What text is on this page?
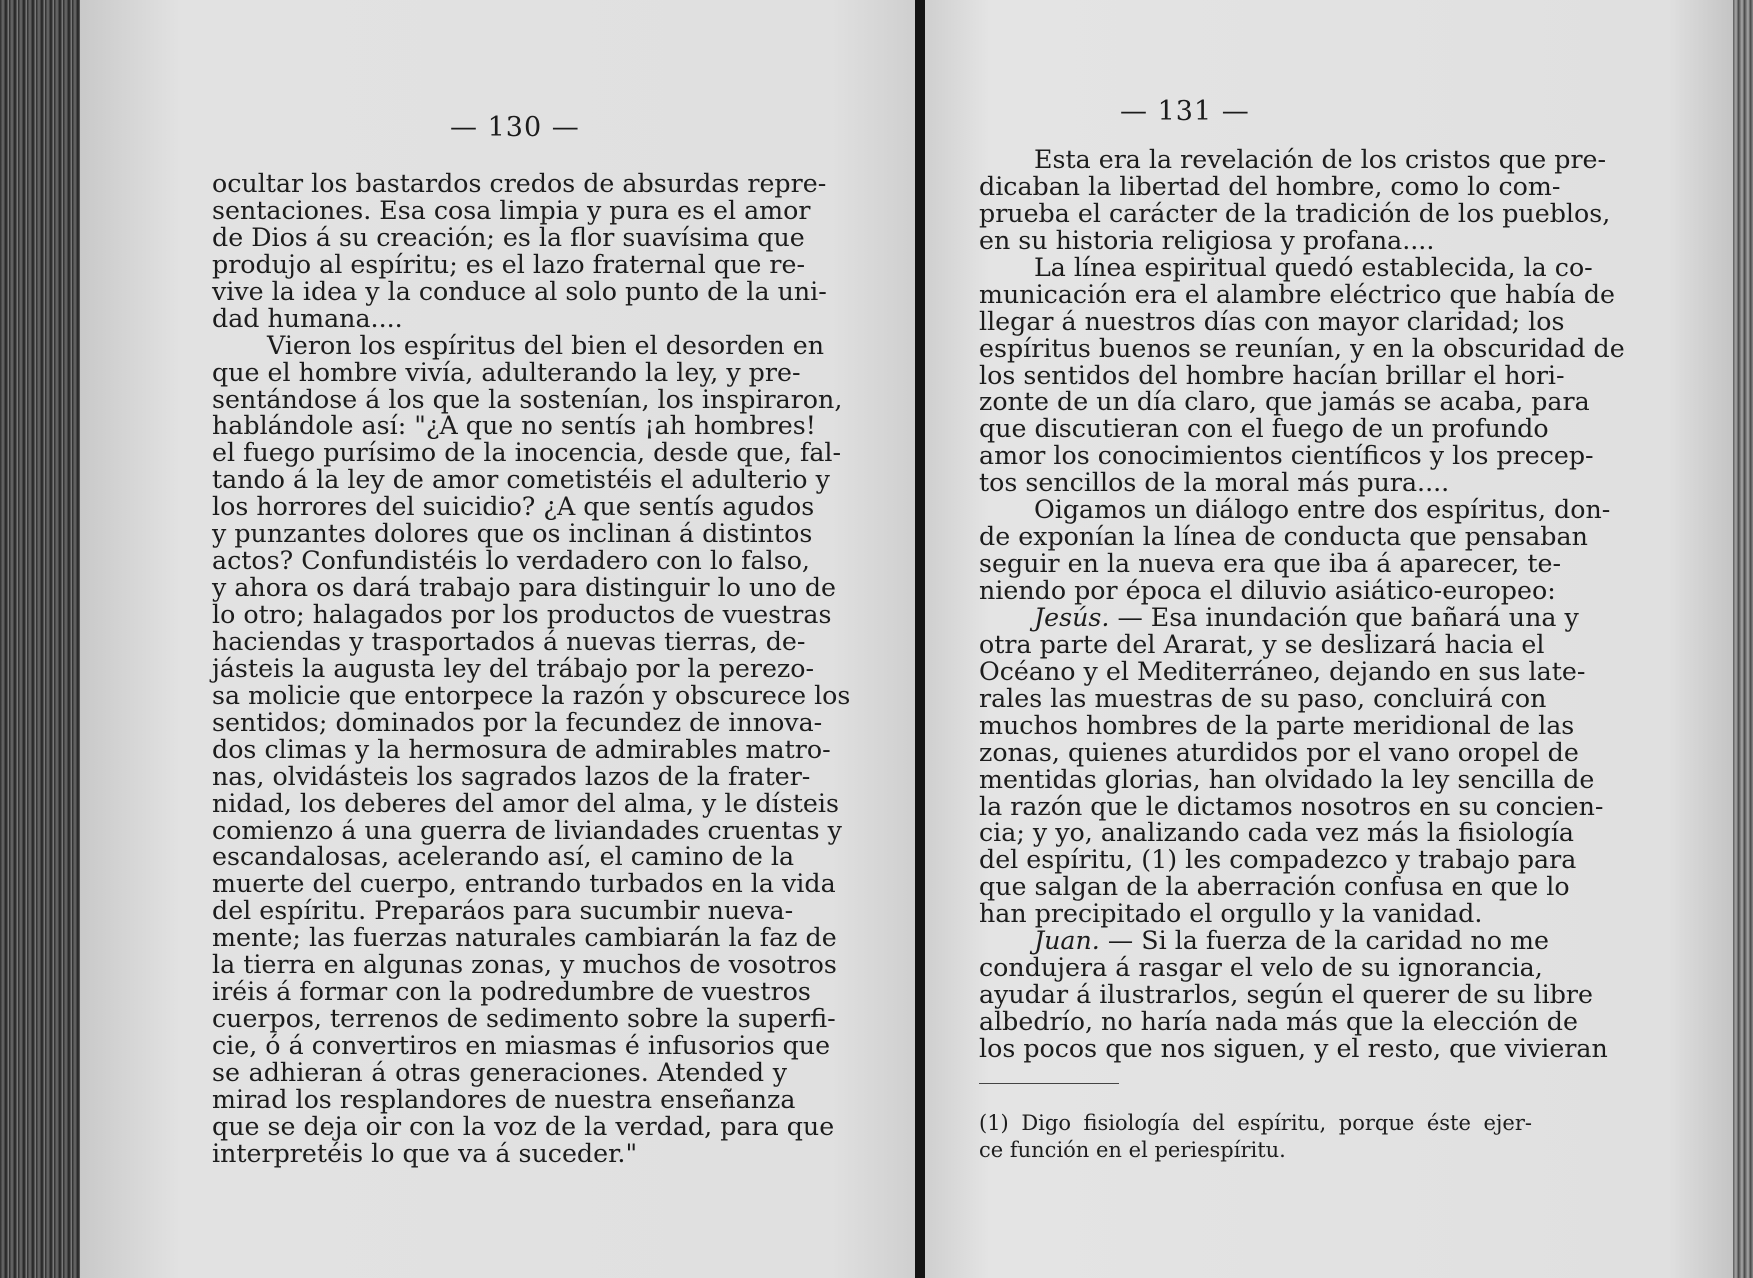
— 130 —
ocultar los bastardos credos de absurdas repre-
sentaciones. Esa cosa limpia y pura es el amor
de Dios á su creación; es la flor suavísima que
produjo al espíritu; es el lazo fraternal que re-
vive la idea y la conduce al solo punto de la uni-
dad humana....
Vieron los espíritus del bien el desorden en
que el hombre vivía, adulterando la ley, y pre-
sentándose á los que la sostenían, los inspiraron,
hablándole así: "¿A que no sentís ¡ah hombres!
el fuego purísimo de la inocencia, desde que, fal-
tando á la ley de amor cometistéis el adulterio y
los horrores del suicidio? ¿A que sentís agudos
y punzantes dolores que os inclinan á distintos
actos? Confundistéis lo verdadero con lo falso,
y ahora os dará trabajo para distinguir lo uno de
lo otro; halagados por los productos de vuestras
haciendas y trasportados á nuevas tierras, de-
jásteis la augusta ley del trábajo por la perezo-
sa molicie que entorpece la razón y obscurece los
sentidos; dominados por la fecundez de innova-
dos climas y la hermosura de admirables matro-
nas, olvidásteis los sagrados lazos de la frater-
nidad, los deberes del amor del alma, y le dísteis
comienzo á una guerra de liviandades cruentas y
escandalosas, acelerando así, el camino de la
muerte del cuerpo, entrando turbados en la vida
del espíritu. Preparáos para sucumbir nueva-
mente; las fuerzas naturales cambiarán la faz de
la tierra en algunas zonas, y muchos de vosotros
iréis á formar con la podredumbre de vuestros
cuerpos, terrenos de sedimento sobre la superfi-
cie, ó á convertiros en miasmas é infusorios que
se adhieran á otras generaciones. Atended y
mirad los resplandores de nuestra enseñanza
que se deja oir con la voz de la verdad, para que
interpretéis lo que va á suceder."
— 131 —
Esta era la revelación de los cristos que pre-
dicaban la libertad del hombre, como lo com-
prueba el carácter de la tradición de los pueblos,
en su historia religiosa y profana....
La línea espiritual quedó establecida, la co-
municación era el alambre eléctrico que había de
llegar á nuestros días con mayor claridad; los
espíritus buenos se reunían, y en la obscuridad de
los sentidos del hombre hacían brillar el hori-
zonte de un día claro, que jamás se acaba, para
que discutieran con el fuego de un profundo
amor los conocimientos científicos y los precep-
tos sencillos de la moral más pura....
Oigamos un diálogo entre dos espíritus, don-
de exponían la línea de conducta que pensaban
seguir en la nueva era que iba á aparecer, te-
niendo por época el diluvio asiático-europeo:
Jesús. — Esa inundación que bañará una y
otra parte del Ararat, y se deslizará hacia el
Océano y el Mediterráneo, dejando en sus late-
rales las muestras de su paso, concluirá con
muchos hombres de la parte meridional de las
zonas, quienes aturdidos por el vano oropel de
mentidas glorias, han olvidado la ley sencilla de
la razón que le dictamos nosotros en su concien-
cia; y yo, analizando cada vez más la fisiología
del espíritu, (1) les compadezco y trabajo para
que salgan de la aberración confusa en que lo
han precipitado el orgullo y la vanidad.
Juan. — Si la fuerza de la caridad no me
condujera á rasgar el velo de su ignorancia,
ayudar á ilustrarlos, según el querer de su libre
albedrío, no haría nada más que la elección de
los pocos que nos siguen, y el resto, que vivieran
(1) Digo fisiología del espíritu, porque éste ejer-
ce función en el periespíritu.
